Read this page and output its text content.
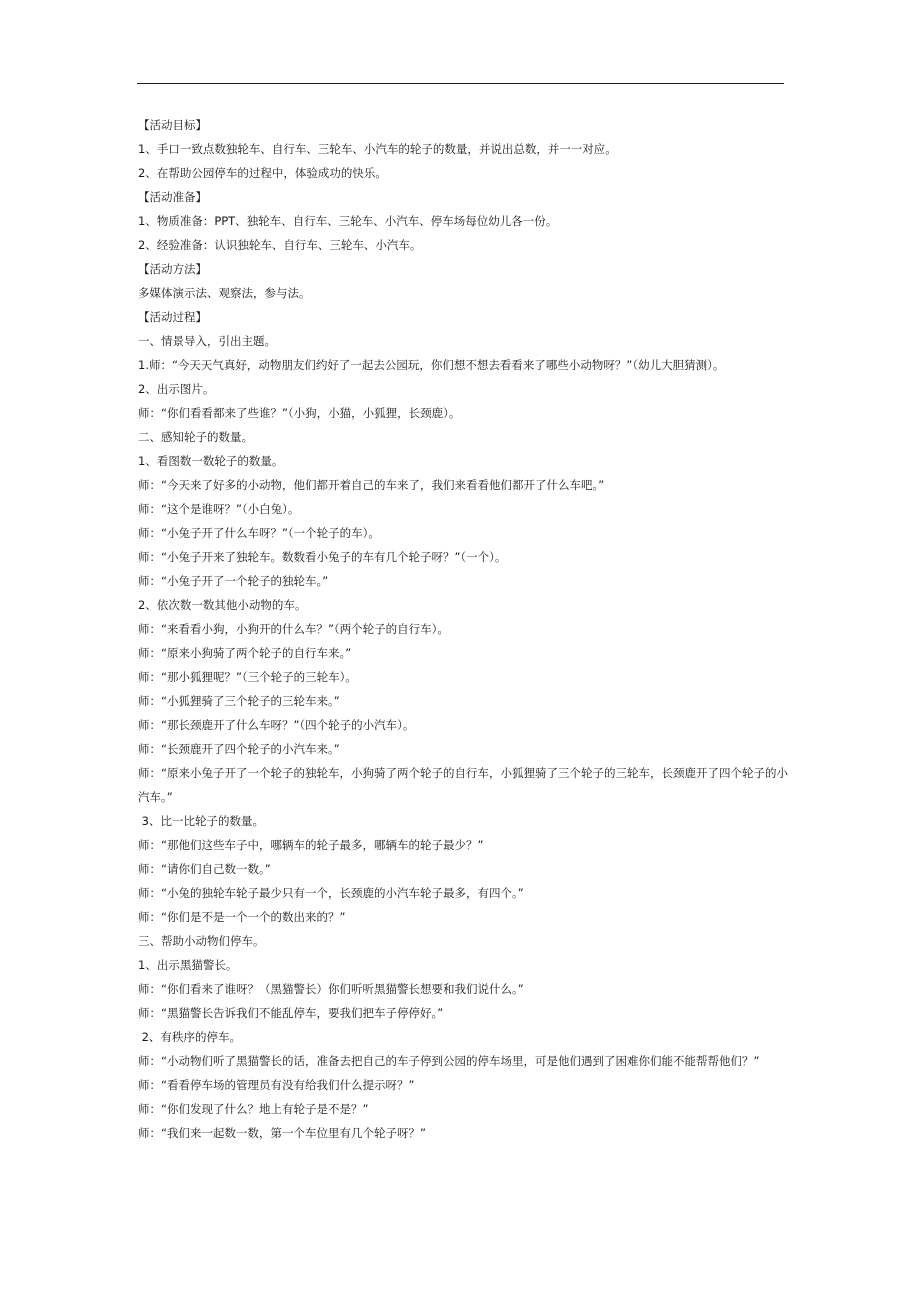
【活动目标】
1、手口一致点数独轮车、自行车、三轮车、小汽车的轮子的数量，并说出总数，并一一对应。
2、在帮助公园停车的过程中，体验成功的快乐。
【活动准备】
1、物质准备：PPT、独轮车、自行车、三轮车、小汽车、停车场每位幼儿各一份。
2、经验准备：认识独轮车、自行车、三轮车、小汽车。
【活动方法】
多媒体演示法、观察法，参与法。
【活动过程】
一、情景导入，引出主题。
1.师：“今天天气真好，动物朋友们约好了一起去公园玩，你们想不想去看看来了哪些小动物呀？”（幼儿大胆猜测）。
2、出示图片。
师：“你们看看都来了些谁？”（小狗，小猫，小狐狸，长颈鹿）。
二、感知轮子的数量。
1、看图数一数轮子的数量。
师：“今天来了好多的小动物，他们都开着自己的车来了，我们来看看他们都开了什么车吧。”
师：“这个是谁呀？”（小白兔）。
师：“小兔子开了什么车呀？”（一个轮子的车）。
师：“小兔子开来了独轮车。数数看小兔子的车有几个轮子呀？”（一个）。
师：“小兔子开了一个轮子的独轮车。”
2、依次数一数其他小动物的车。
师：“来看看小狗，小狗开的什么车？”（两个轮子的自行车）。
师：“原来小狗骑了两个轮子的自行车来。”
师：“那小狐狸呢？”（三个轮子的三轮车）。
师：“小狐狸骑了三个轮子的三轮车来。”
师：“那长颈鹿开了什么车呀？”（四个轮子的小汽车）。
师：“长颈鹿开了四个轮子的小汽车来。”
师：“原来小兔子开了一个轮子的独轮车，小狗骑了两个轮子的自行车，小狐狸骑了三个轮子的三轮车，长颈鹿开了四个轮子的小汽车。”
3、比一比轮子的数量。
师：“那他们这些车子中，哪辆车的轮子最多，哪辆车的轮子最少？”
师：“请你们自己数一数。”
师：“小兔的独轮车轮子最少只有一个，长颈鹿的小汽车轮子最多，有四个。”
师：“你们是不是一个一个的数出来的？”
三、帮助小动物们停车。
1、出示黑猫警长。
师：“你们看来了谁呀？（黑猫警长）你们听听黑猫警长想要和我们说什么。”
师：“黑猫警长告诉我们不能乱停车，要我们把车子停停好。”
2、有秩序的停车。
师：“小动物们听了黑猫警长的话，准备去把自己的车子停到公园的停车场里，可是他们遇到了困难你们能不能帮帮他们？”
师：“看看停车场的管理员有没有给我们什么提示呀？”
师：“你们发现了什么？地上有轮子是不是？”
师：“我们来一起数一数，第一个车位里有几个轮子呀？”
